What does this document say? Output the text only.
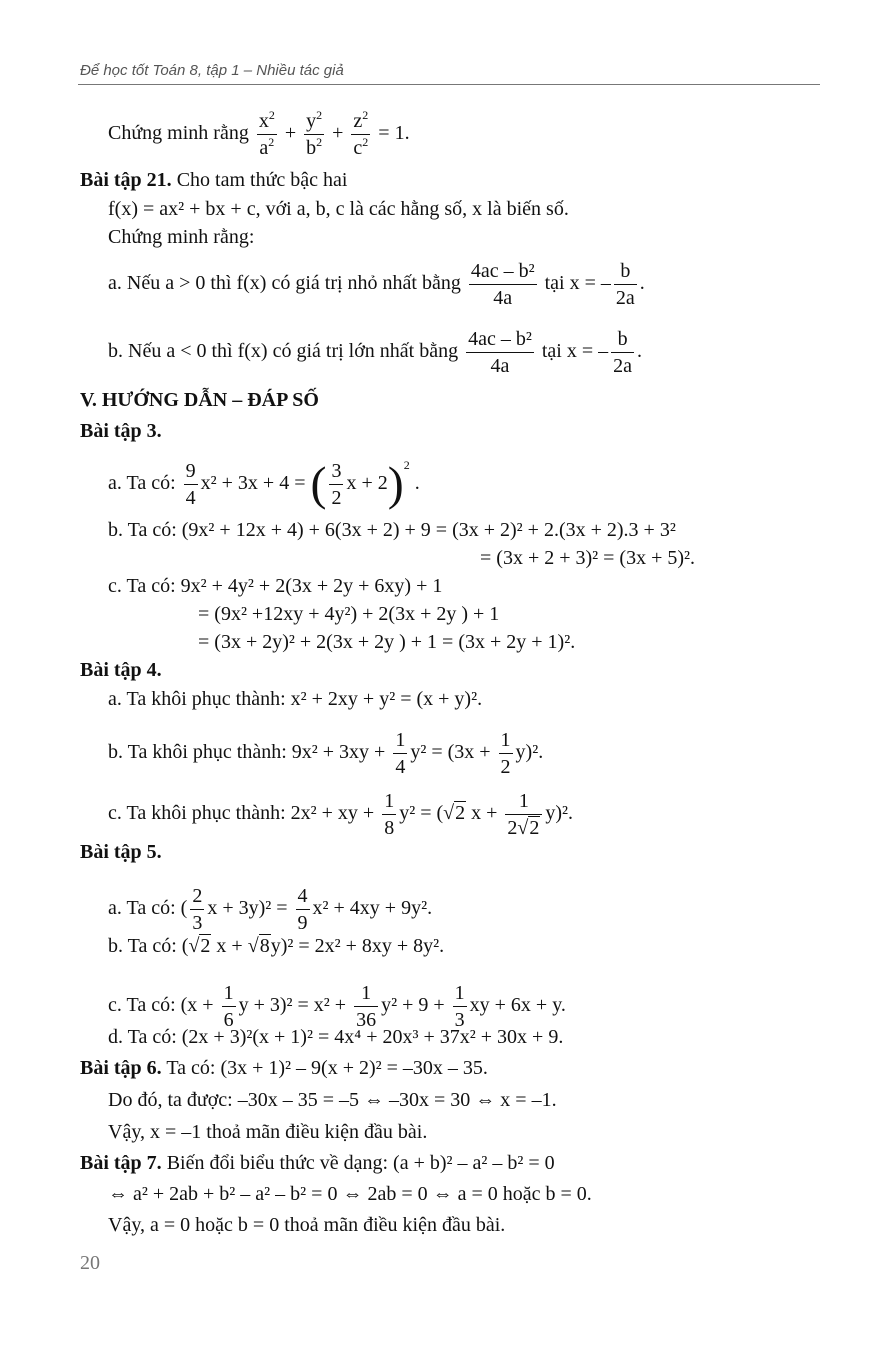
Để học tốt Toán 8, tập 1 – Nhiều tác giả
Chứng minh rằng $\frac{x^2}{a^2} + \frac{y^2}{b^2} + \frac{z^2}{c^2} = 1$.
Bài tập 21. Cho tam thức bậc hai
f(x) = ax² + bx + c, với a, b, c là các hằng số, x là biến số.
Chứng minh rằng:
a. Nếu a > 0 thì f(x) có giá trị nhỏ nhất bằng $\frac{\text{4ac – b²}}{4a}$ tại x = – $\frac{b}{2a}$ .
b. Nếu a < 0 thì f(x) có giá trị lớn nhất bằng $\frac{\text{4ac – b²}}{4a}$ tại x = – $\frac{b}{2a}$ .
V. HƯỚNG DẪN – ĐÁP SỐ
Bài tập 3.
a. Ta có: $\frac{9}{4} x^2 + 3x + 4$ = ( $\frac{3}{2}$ x + 2)$^2$ .
b. Ta có: (9x² + 12x + 4) + 6(3x + 2) + 9 = (3x + 2)² + 2.(3x + 2).3 + 3²
= (3x + 2 + 3)² = (3x + 5)².
c. Ta có: 9x² + 4y² + 2(3x + 2y + 6xy) + 1
= (9x² +12xy + 4y²) + 2(3x + 2y ) + 1
= (3x + 2y)² + 2(3x + 2y ) + 1 = (3x + 2y + 1)².
Bài tập 4.
a. Ta khôi phục thành: x² + 2xy + y² = (x + y)².
b. Ta khôi phục thành: $9x^2 + 3xy + \frac{1}{4} y^2 = (3x + \frac{1}{2} y)^2$.
c. Ta khôi phục thành: 2x² + xy + $\frac{1}{8} y^2 = (√2$ $x + \frac{1}{2√2} y)^2$.
Bài tập 5.
a. Ta có: ( $\frac{2}{3}$ $x + 3y)^2 = \frac{4}{9} x^2 + 4xy + 9y^2$.
b. Ta có: (√2 x + √8y)² = 2x² + 8xy + 8y².
c. Ta có: ($x + \frac{1}{6}$ $y + 3)^2 = x^2 + \frac{1}{36} y^2 + 9 + \frac{1}{3}$ xy + 6x + y.
d. Ta có: (2x + 3)²(x + 1)² = 4x⁴ + 20x³ + 37x² + 30x + 9.
Bài tập 6. Ta có: (3x + 1)² – 9(x + 2)² = –30x – 35.
Do đó, ta được: –30x – 35 = –5 ⇔ –30x = 30 ⇔ x = –1.
Vậy, x = –1 thoả mãn điều kiện đầu bài.
Bài tập 7. Biến đổi biểu thức về dạng: (a + b)² – a² – b² = 0
⇔ a² + 2ab + b² – a² – b² = 0 ⇔ 2ab = 0 ⇔ a = 0 hoặc b = 0.
Vậy, a = 0 hoặc b = 0 thoả mãn điều kiện đầu bài.
20
